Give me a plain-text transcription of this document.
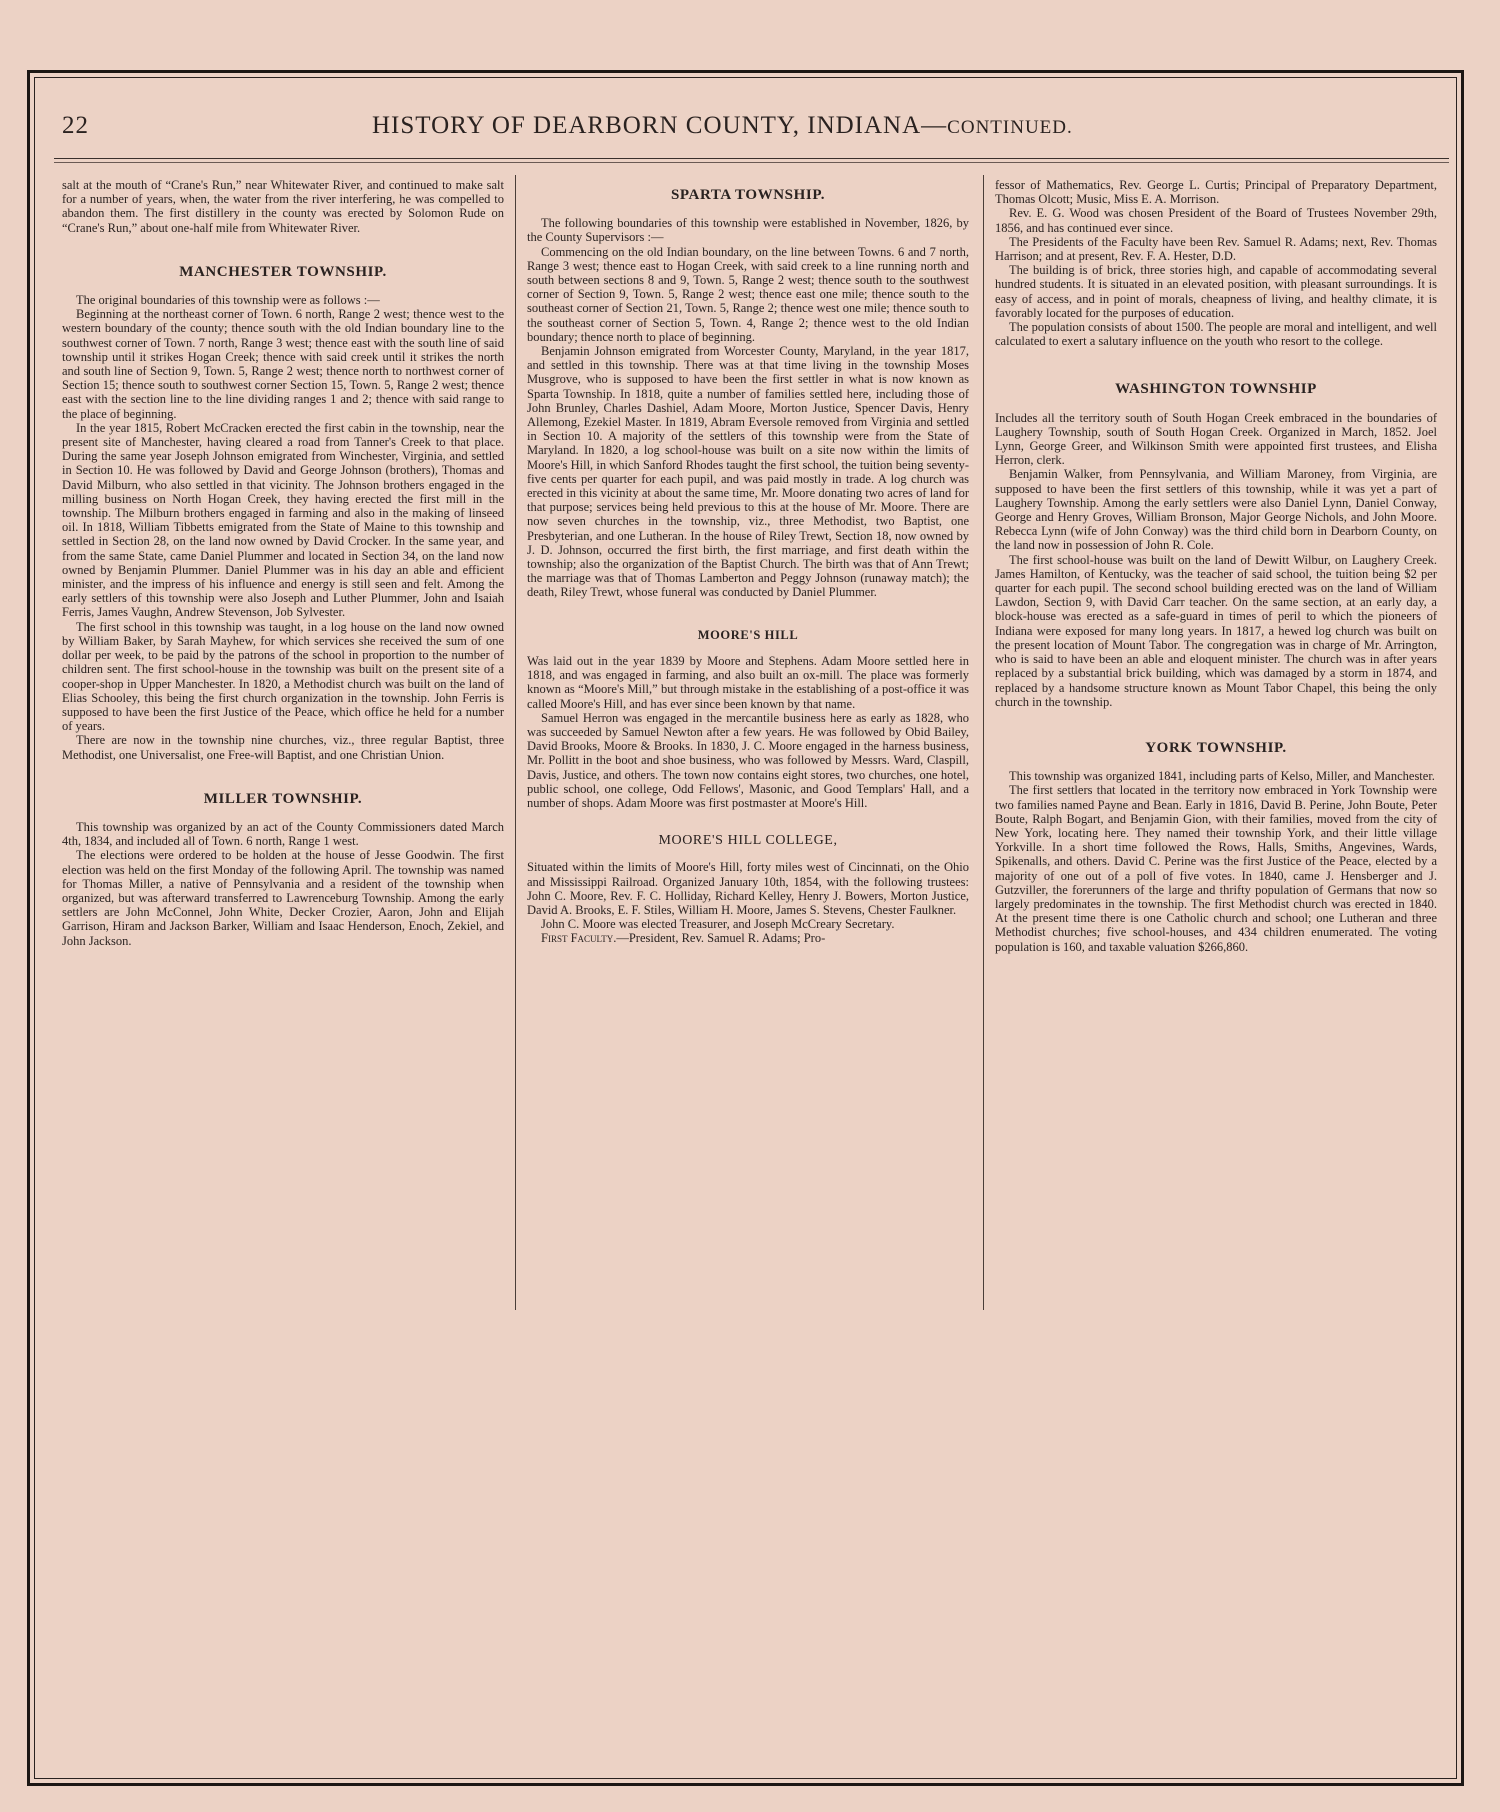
22	HISTORY OF DEARBORN COUNTY, INDIANA—CONTINUED.

salt at the mouth of “Crane's Run,” near Whitewater River, and continued to make salt for a number of years, when, the water from the river interfering, he was compelled to abandon them. The first distillery in the county was erected by Solomon Rude on “Crane's Run,” about one-half mile from Whitewater River.

MANCHESTER TOWNSHIP.

The original boundaries of this township were as follows :—

Beginning at the northeast corner of Town. 6 north, Range 2 west; thence west to the western boundary of the county; thence south with the old Indian boundary line to the southwest corner of Town. 7 north, Range 3 west; thence east with the south line of said township until it strikes Hogan Creek; thence with said creek until it strikes the north and south line of Section 9, Town. 5, Range 2 west; thence north to northwest corner of Section 15; thence south to southwest corner Section 15, Town. 5, Range 2 west; thence east with the section line to the line dividing ranges 1 and 2; thence with said range to the place of beginning.

In the year 1815, Robert McCracken erected the first cabin in the township, near the present site of Manchester, having cleared a road from Tanner's Creek to that place. During the same year Joseph Johnson emigrated from Winchester, Virginia, and settled in Section 10. He was followed by David and George Johnson (brothers), Thomas and David Milburn, who also settled in that vicinity. The Johnson brothers engaged in the milling business on North Hogan Creek, they having erected the first mill in the township. The Milburn brothers engaged in farming and also in the making of linseed oil. In 1818, William Tibbetts emigrated from the State of Maine to this township and settled in Section 28, on the land now owned by David Crocker. In the same year, and from the same State, came Daniel Plummer and located in Section 34, on the land now owned by Benjamin Plummer. Daniel Plummer was in his day an able and efficient minister, and the impress of his influence and energy is still seen and felt. Among the early settlers of this township were also Joseph and Luther Plummer, John and Isaiah Ferris, James Vaughn, Andrew Stevenson, Job Sylvester.

The first school in this township was taught, in a log house on the land now owned by William Baker, by Sarah Mayhew, for which services she received the sum of one dollar per week, to be paid by the patrons of the school in proportion to the number of children sent. The first school-house in the township was built on the present site of a cooper-shop in Upper Manchester. In 1820, a Methodist church was built on the land of Elias Schooley, this being the first church organization in the township. John Ferris is supposed to have been the first Justice of the Peace, which office he held for a number of years.

There are now in the township nine churches, viz., three regular Baptist, three Methodist, one Universalist, one Free-will Baptist, and one Christian Union.

MILLER TOWNSHIP.

This township was organized by an act of the County Commissioners dated March 4th, 1834, and included all of Town. 6 north, Range 1 west.

The elections were ordered to be holden at the house of Jesse Goodwin. The first election was held on the first Monday of the following April. The township was named for Thomas Miller, a native of Pennsylvania and a resident of the township when organized, but was afterward transferred to Lawrenceburg Township. Among the early settlers are John McConnel, John White, Decker Crozier, Aaron, John and Elijah Garrison, Hiram and Jackson Barker, William and Isaac Henderson, Enoch, Zekiel, and John Jackson.

SPARTA TOWNSHIP.

The following boundaries of this township were established in November, 1826, by the County Supervisors :—

Commencing on the old Indian boundary, on the line between Towns. 6 and 7 north, Range 3 west; thence east to Hogan Creek, with said creek to a line running north and south between sections 8 and 9, Town. 5, Range 2 west; thence south to the southwest corner of Section 9, Town. 5, Range 2 west; thence east one mile; thence south to the southeast corner of Section 21, Town. 5, Range 2; thence west one mile; thence south to the southeast corner of Section 5, Town. 4, Range 2; thence west to the old Indian boundary; thence north to place of beginning.

Benjamin Johnson emigrated from Worcester County, Maryland, in the year 1817, and settled in this township. There was at that time living in the township Moses Musgrove, who is supposed to have been the first settler in what is now known as Sparta Township. In 1818, quite a number of families settled here, including those of John Brunley, Charles Dashiel, Adam Moore, Morton Justice, Spencer Davis, Henry Allemong, Ezekiel Master. In 1819, Abram Eversole removed from Virginia and settled in Section 10. A majority of the settlers of this township were from the State of Maryland. In 1820, a log school-house was built on a site now within the limits of Moore's Hill, in which Sanford Rhodes taught the first school, the tuition being seventy-five cents per quarter for each pupil, and was paid mostly in trade. A log church was erected in this vicinity at about the same time, Mr. Moore donating two acres of land for that purpose; services being held previous to this at the house of Mr. Moore. There are now seven churches in the township, viz., three Methodist, two Baptist, one Presbyterian, and one Lutheran. In the house of Riley Trewt, Section 18, now owned by J. D. Johnson, occurred the first birth, the first marriage, and first death within the township; also the organization of the Baptist Church. The birth was that of Ann Trewt; the marriage was that of Thomas Lamberton and Peggy Johnson (runaway match); the death, Riley Trewt, whose funeral was conducted by Daniel Plummer.

MOORE'S HILL

Was laid out in the year 1839 by Moore and Stephens. Adam Moore settled here in 1818, and was engaged in farming, and also built an ox-mill. The place was formerly known as “Moore's Mill,” but through mistake in the establishing of a post-office it was called Moore's Hill, and has ever since been known by that name.

Samuel Herron was engaged in the mercantile business here as early as 1828, who was succeeded by Samuel Newton after a few years. He was followed by Obid Bailey, David Brooks, Moore & Brooks. In 1830, J. C. Moore engaged in the harness business, Mr. Pollitt in the boot and shoe business, who was followed by Messrs. Ward, Claspill, Davis, Justice, and others. The town now contains eight stores, two churches, one hotel, public school, one college, Odd Fellows', Masonic, and Good Templars' Hall, and a number of shops. Adam Moore was first postmaster at Moore's Hill.

MOORE'S HILL COLLEGE,

Situated within the limits of Moore's Hill, forty miles west of Cincinnati, on the Ohio and Mississippi Railroad. Organized January 10th, 1854, with the following trustees: John C. Moore, Rev. F. C. Holliday, Richard Kelley, Henry J. Bowers, Morton Justice, David A. Brooks, E. F. Stiles, William H. Moore, James S. Stevens, Chester Faulkner.

John C. Moore was elected Treasurer, and Joseph McCreary Secretary.

First Faculty.—President, Rev. Samuel R. Adams; Pro-

fessor of Mathematics, Rev. George L. Curtis; Principal of Preparatory Department, Thomas Olcott; Music, Miss E. A. Morrison.

Rev. E. G. Wood was chosen President of the Board of Trustees November 29th, 1856, and has continued ever since.

The Presidents of the Faculty have been Rev. Samuel R. Adams; next, Rev. Thomas Harrison; and at present, Rev. F. A. Hester, D.D.

The building is of brick, three stories high, and capable of accommodating several hundred students. It is situated in an elevated position, with pleasant surroundings. It is easy of access, and in point of morals, cheapness of living, and healthy climate, it is favorably located for the purposes of education.

The population consists of about 1500. The people are moral and intelligent, and well calculated to exert a salutary influence on the youth who resort to the college.

WASHINGTON TOWNSHIP

Includes all the territory south of South Hogan Creek embraced in the boundaries of Laughery Township, south of South Hogan Creek. Organized in March, 1852. Joel Lynn, George Greer, and Wilkinson Smith were appointed first trustees, and Elisha Herron, clerk.

Benjamin Walker, from Pennsylvania, and William Maroney, from Virginia, are supposed to have been the first settlers of this township, while it was yet a part of Laughery Township. Among the early settlers were also Daniel Lynn, Daniel Conway, George and Henry Groves, William Bronson, Major George Nichols, and John Moore. Rebecca Lynn (wife of John Conway) was the third child born in Dearborn County, on the land now in possession of John R. Cole.

The first school-house was built on the land of Dewitt Wilbur, on Laughery Creek. James Hamilton, of Kentucky, was the teacher of said school, the tuition being $2 per quarter for each pupil. The second school building erected was on the land of William Lawdon, Section 9, with David Carr teacher. On the same section, at an early day, a block-house was erected as a safe-guard in times of peril to which the pioneers of Indiana were exposed for many long years. In 1817, a hewed log church was built on the present location of Mount Tabor. The congregation was in charge of Mr. Arrington, who is said to have been an able and eloquent minister. The church was in after years replaced by a substantial brick building, which was damaged by a storm in 1874, and replaced by a handsome structure known as Mount Tabor Chapel, this being the only church in the township.

YORK TOWNSHIP.

This township was organized 1841, including parts of Kelso, Miller, and Manchester.

The first settlers that located in the territory now embraced in York Township were two families named Payne and Bean. Early in 1816, David B. Perine, John Boute, Peter Boute, Ralph Bogart, and Benjamin Gion, with their families, moved from the city of New York, locating here. They named their township York, and their little village Yorkville. In a short time followed the Rows, Halls, Smiths, Angevines, Wards, Spikenalls, and others. David C. Perine was the first Justice of the Peace, elected by a majority of one out of a poll of five votes. In 1840, came J. Hensberger and J. Gutzviller, the forerunners of the large and thrifty population of Germans that now so largely predominates in the township. The first Methodist church was erected in 1840. At the present time there is one Catholic church and school; one Lutheran and three Methodist churches; five school-houses, and 434 children enumerated. The voting population is 160, and taxable valuation $266,860.
